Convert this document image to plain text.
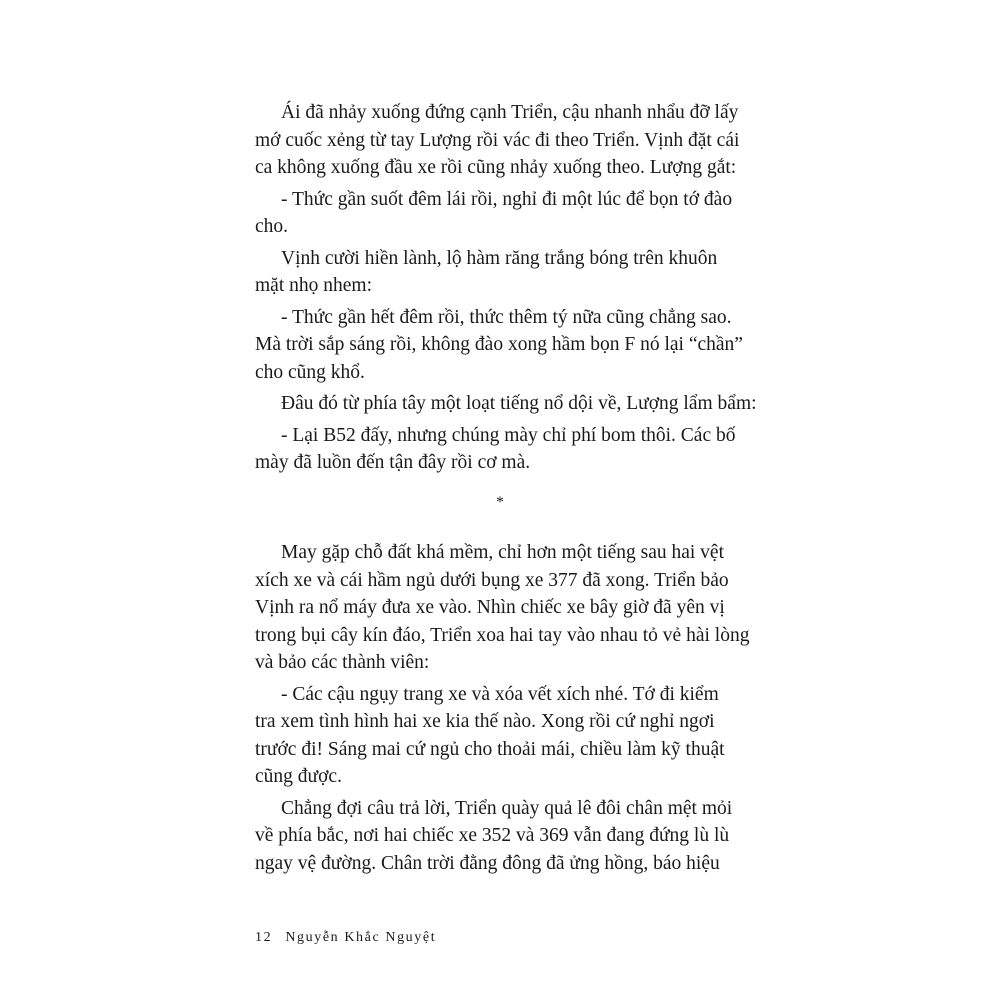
Ái đã nhảy xuống đứng cạnh Triển, cậu nhanh nhẩu đỡ lấy
mớ cuốc xẻng từ tay Lượng rồi vác đi theo Triển. Vịnh đặt cái
ca không xuống đầu xe rồi cũng nhảy xuống theo. Lượng gắt:
- Thức gần suốt đêm lái rồi, nghỉ đi một lúc để bọn tớ đào
cho.
Vịnh cười hiền lành, lộ hàm răng trắng bóng trên khuôn
mặt nhọ nhem:
- Thức gần hết đêm rồi, thức thêm tý nữa cũng chẳng sao.
Mà trời sắp sáng rồi, không đào xong hầm bọn F nó lại “chần”
cho cũng khổ.
Đâu đó từ phía tây một loạt tiếng nổ dội về, Lượng lẩm bẩm:
- Lại B52 đấy, nhưng chúng mày chỉ phí bom thôi. Các bố
mày đã luồn đến tận đây rồi cơ mà.
*
May gặp chỗ đất khá mềm, chỉ hơn một tiếng sau hai vệt
xích xe và cái hầm ngủ dưới bụng xe 377 đã xong. Triển bảo
Vịnh ra nổ máy đưa xe vào. Nhìn chiếc xe bây giờ đã yên vị
trong bụi cây kín đáo, Triển xoa hai tay vào nhau tỏ vẻ hài lòng
và bảo các thành viên:
- Các cậu ngụy trang xe và xóa vết xích nhé. Tớ đi kiểm
tra xem tình hình hai xe kia thế nào. Xong rồi cứ nghỉ ngơi
trước đi! Sáng mai cứ ngủ cho thoải mái, chiều làm kỹ thuật
cũng được.
Chẳng đợi câu trả lời, Triển quày quả lê đôi chân mệt mỏi
về phía bắc, nơi hai chiếc xe 352 và 369 vẫn đang đứng lù lù
ngay vệ đường. Chân trời đằng đông đã ửng hồng, báo hiệu
12 Nguyễn Khắc Nguyệt
